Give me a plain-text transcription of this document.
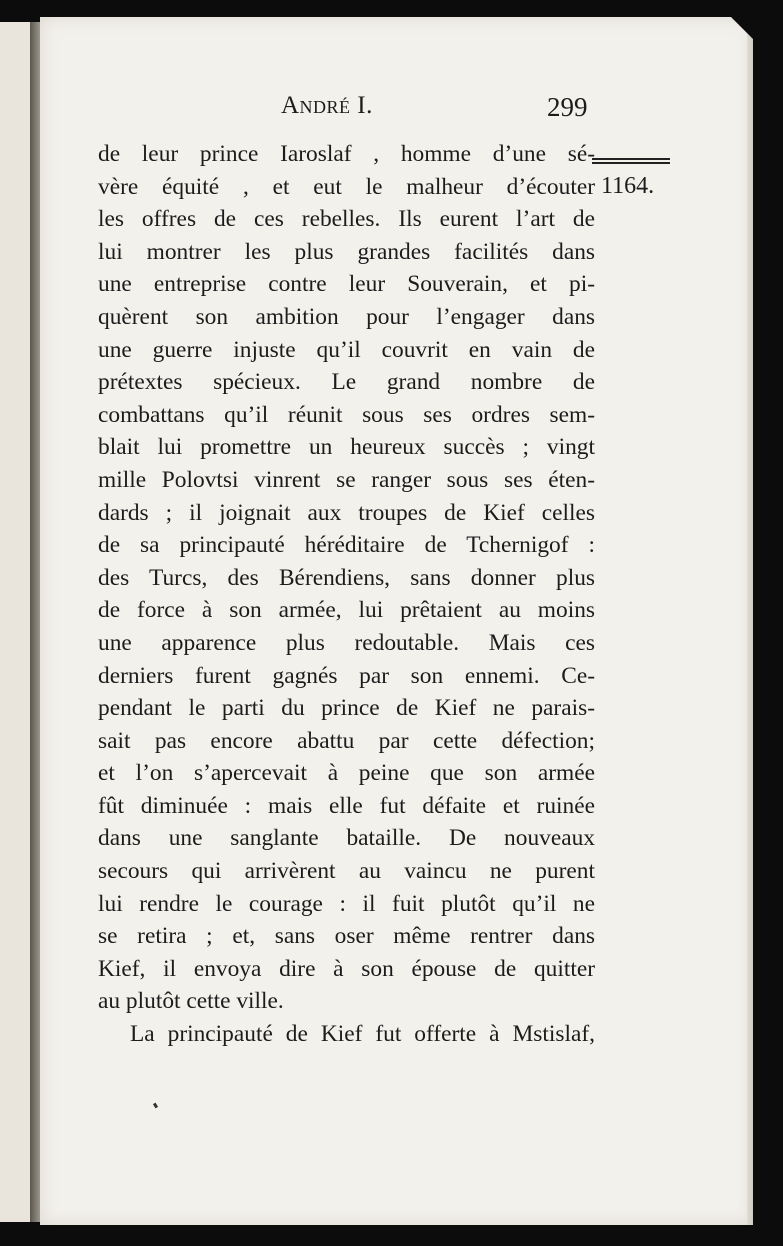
André I.	299
1164.
de leur prince Iaroslaf , homme d’une sé-
vère équité , et eut le malheur d’écouter
les offres de ces rebelles. Ils eurent l’art de
lui montrer les plus grandes facilités dans
une entreprise contre leur Souverain, et pi-
quèrent son ambition pour l’engager dans
une guerre injuste qu’il couvrit en vain de
prétextes spécieux. Le grand nombre de
combattans qu’il réunit sous ses ordres sem-
blait lui promettre un heureux succès ; vingt
mille Polovtsi vinrent se ranger sous ses éten-
dards ; il joignait aux troupes de Kief celles
de sa principauté héréditaire de Tchernigof :
des Turcs, des Bérendiens, sans donner plus
de force à son armée, lui prêtaient au moins
une apparence plus redoutable. Mais ces
derniers furent gagnés par son ennemi. Ce-
pendant le parti du prince de Kief ne parais-
sait pas encore abattu par cette défection;
et l’on s’apercevait à peine que son armée
fût diminuée : mais elle fut défaite et ruinée
dans une sanglante bataille. De nouveaux
secours qui arrivèrent au vaincu ne purent
lui rendre le courage : il fuit plutôt qu’il ne
se retira ; et, sans oser même rentrer dans
Kief, il envoya dire à son épouse de quitter
au plutôt cette ville.
La principauté de Kief fut offerte à Mstislaf,
